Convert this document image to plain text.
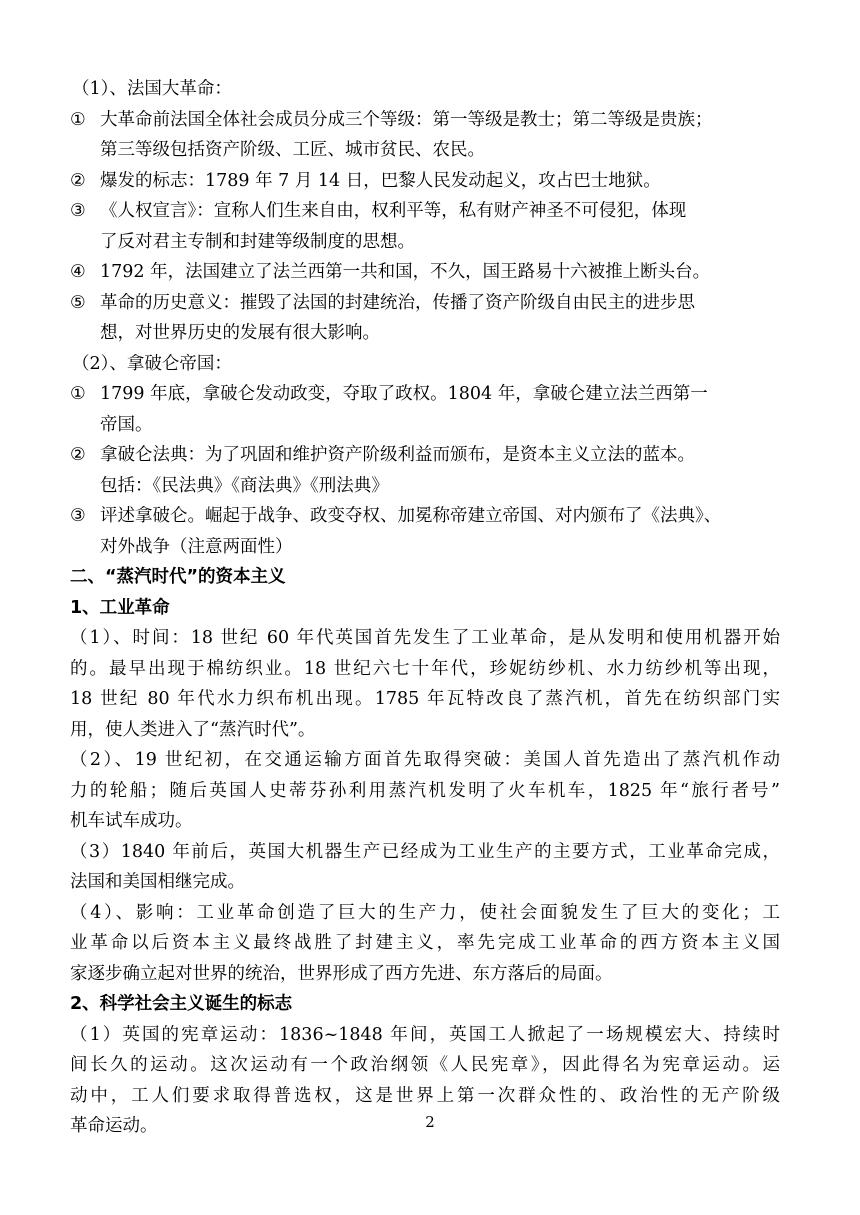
（1）、法国大革命：
① 大革命前法国全体社会成员分成三个等级：第一等级是教士；第二等级是贵族；
第三等级包括资产阶级、工匠、城市贫民、农民。
② 爆发的标志：1789 年 7 月 14 日，巴黎人民发动起义，攻占巴士地狱。
③ 《人权宣言》：宣称人们生来自由，权利平等，私有财产神圣不可侵犯，体现
了反对君主专制和封建等级制度的思想。
④ 1792 年，法国建立了法兰西第一共和国，不久，国王路易十六被推上断头台。
⑤ 革命的历史意义：摧毁了法国的封建统治，传播了资产阶级自由民主的进步思
想，对世界历史的发展有很大影响。
（2）、拿破仑帝国：
① 1799 年底，拿破仑发动政变，夺取了政权。1804 年，拿破仑建立法兰西第一
帝国。
② 拿破仑法典：为了巩固和维护资产阶级利益而颁布，是资本主义立法的蓝本。
包括：《民法典》《商法典》《刑法典》
③ 评述拿破仑。崛起于战争、政变夺权、加冕称帝建立帝国、对内颁布了《法典》、
对外战争（注意两面性）
二、“蒸汽时代”的资本主义
1、工业革命
（1）、时间：18 世纪 60 年代英国首先发生了工业革命，是从发明和使用机器开始
的。最早出现于棉纺织业。18 世纪六七十年代，珍妮纺纱机、水力纺纱机等出现，
18 世纪 80 年代水力织布机出现。1785 年瓦特改良了蒸汽机，首先在纺织部门实
用，使人类进入了“蒸汽时代”。
（2）、19 世纪初，在交通运输方面首先取得突破：美国人首先造出了蒸汽机作动
力的轮船；随后英国人史蒂芬孙利用蒸汽机发明了火车机车，1825 年“旅行者号”
机车试车成功。
（3）1840 年前后，英国大机器生产已经成为工业生产的主要方式，工业革命完成，
法国和美国相继完成。
（4）、影响：工业革命创造了巨大的生产力，使社会面貌发生了巨大的变化；工
业革命以后资本主义最终战胜了封建主义，率先完成工业革命的西方资本主义国
家逐步确立起对世界的统治，世界形成了西方先进、东方落后的局面。
2、科学社会主义诞生的标志
（1）英国的宪章运动：1836~1848 年间，英国工人掀起了一场规模宏大、持续时
间长久的运动。这次运动有一个政治纲领《人民宪章》，因此得名为宪章运动。运
动中，工人们要求取得普选权，这是世界上第一次群众性的、政治性的无产阶级
革命运动。	2
